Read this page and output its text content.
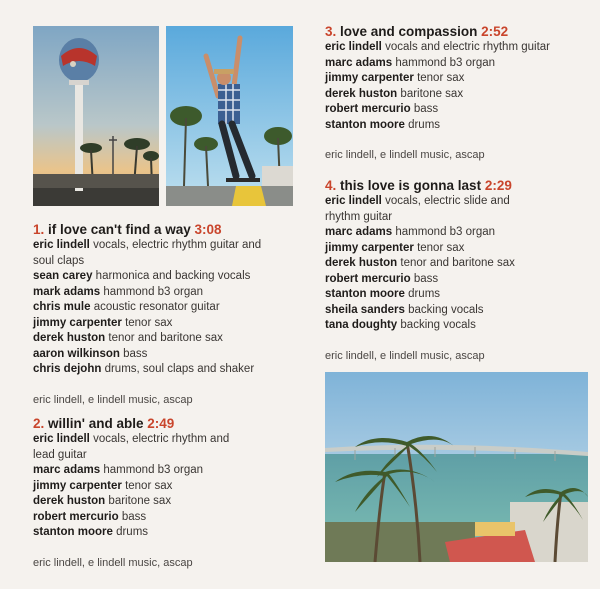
3. love and compassion 2:52
eric lindell vocals and electric rhythm guitar
marc adams hammond b3 organ
jimmy carpenter tenor sax
derek huston baritone sax
robert mercurio bass
stanton moore drums
eric lindell, e lindell music, ascap
4. this love is gonna last 2:29
eric lindell vocals, electric slide and rhythm guitar
marc adams hammond b3 organ
jimmy carpenter tenor sax
derek huston tenor and baritone sax
robert mercurio bass
stanton moore drums
sheila sanders backing vocals
tana doughty backing vocals
eric lindell, e lindell music, ascap
1. if love can't find a way 3:08
eric lindell vocals, electric rhythm guitar and soul claps
sean carey harmonica and backing vocals
mark adams hammond b3 organ
chris mule acoustic resonator guitar
jimmy carpenter tenor sax
derek huston tenor and baritone sax
aaron wilkinson bass
chris dejohn drums, soul claps and shaker
eric lindell, e lindell music, ascap
2. willin' and able 2:49
eric lindell vocals, electric rhythm and lead guitar
marc adams hammond b3 organ
jimmy carpenter tenor sax
derek huston baritone sax
robert mercurio bass
stanton moore drums
eric lindell, e lindell music, ascap
